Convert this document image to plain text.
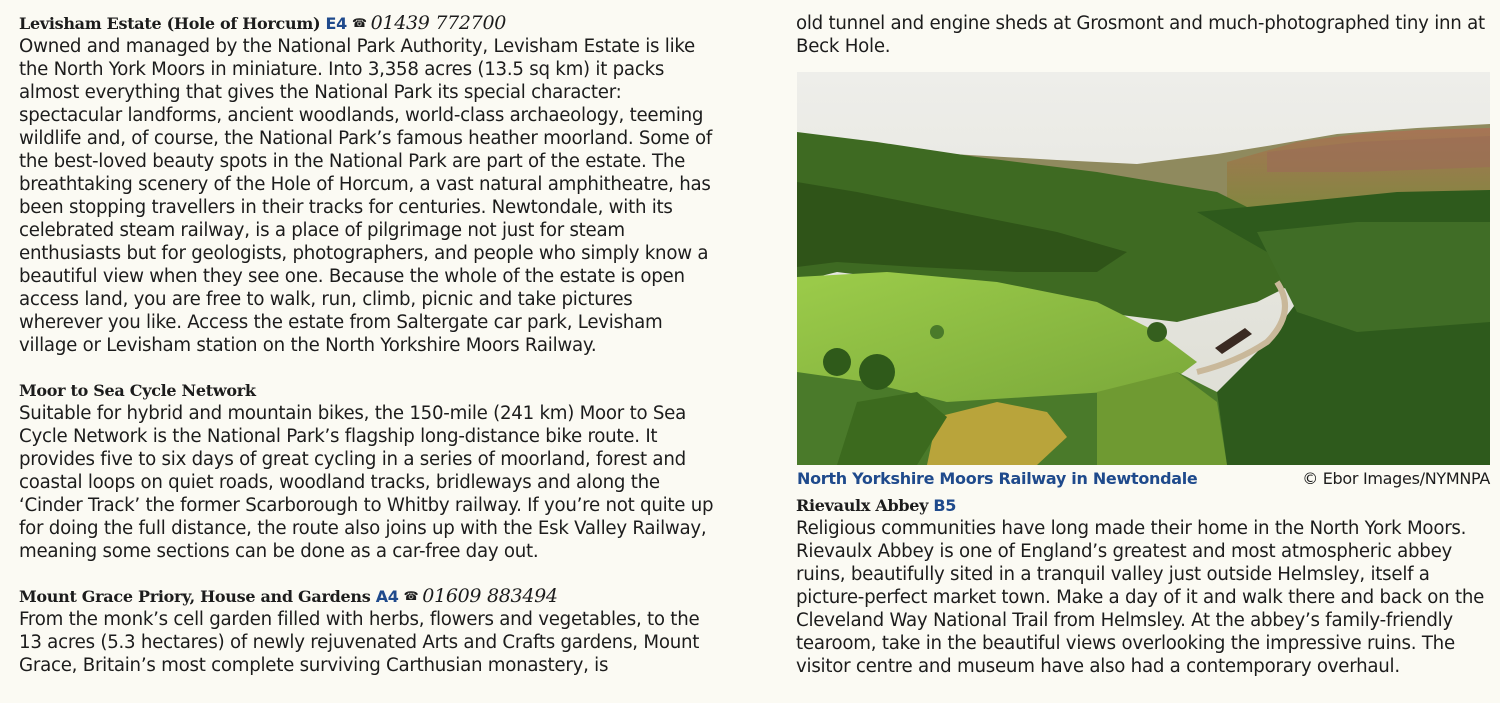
Levisham Estate (Hole of Horcum) E4 ☎ 01439 772700

Owned and managed by the National Park Authority, Levisham Estate is like the North York Moors in miniature. Into 3,358 acres (13.5 sq km) it packs almost everything that gives the National Park its special character: spectacular landforms, ancient woodlands, world-class archaeology, teeming wildlife and, of course, the National Park’s famous heather moorland. Some of the best-loved beauty spots in the National Park are part of the estate. The breathtaking scenery of the Hole of Horcum, a vast natural amphitheatre, has been stopping travellers in their tracks for centuries. Newtondale, with its celebrated steam railway, is a place of pilgrimage not just for steam enthusiasts but for geologists, photographers, and people who simply know a beautiful view when they see one. Because the whole of the estate is open access land, you are free to walk, run, climb, picnic and take pictures wherever you like. Access the estate from Saltergate car park, Levisham village or Levisham station on the North Yorkshire Moors Railway.

Moor to Sea Cycle Network

Suitable for hybrid and mountain bikes, the 150-mile (241 km) Moor to Sea Cycle Network is the National Park’s flagship long-distance bike route. It provides five to six days of great cycling in a series of moorland, forest and coastal loops on quiet roads, woodland tracks, bridleways and along the ‘Cinder Track’ the former Scarborough to Whitby railway. If you’re not quite up for doing the full distance, the route also joins up with the Esk Valley Railway, meaning some sections can be done as a car-free day out.

Mount Grace Priory, House and Gardens A4 ☎ 01609 883494

From the monk’s cell garden filled with herbs, flowers and vegetables, to the 13 acres (5.3 hectares) of newly rejuvenated Arts and Crafts gardens, Mount Grace, Britain’s most complete surviving Carthusian monastery, is

old tunnel and engine sheds at Grosmont and much-photographed tiny inn at Beck Hole.

North Yorkshire Moors Railway in Newtondale	© Ebor Images/NYMNPA

Rievaulx Abbey B5

Religious communities have long made their home in the North York Moors. Rievaulx Abbey is one of England’s greatest and most atmospheric abbey ruins, beautifully sited in a tranquil valley just outside Helmsley, itself a picture-perfect market town. Make a day of it and walk there and back on the Cleveland Way National Trail from Helmsley. At the abbey’s family-friendly tearoom, take in the beautiful views overlooking the impressive ruins. The visitor centre and museum have also had a contemporary overhaul.
